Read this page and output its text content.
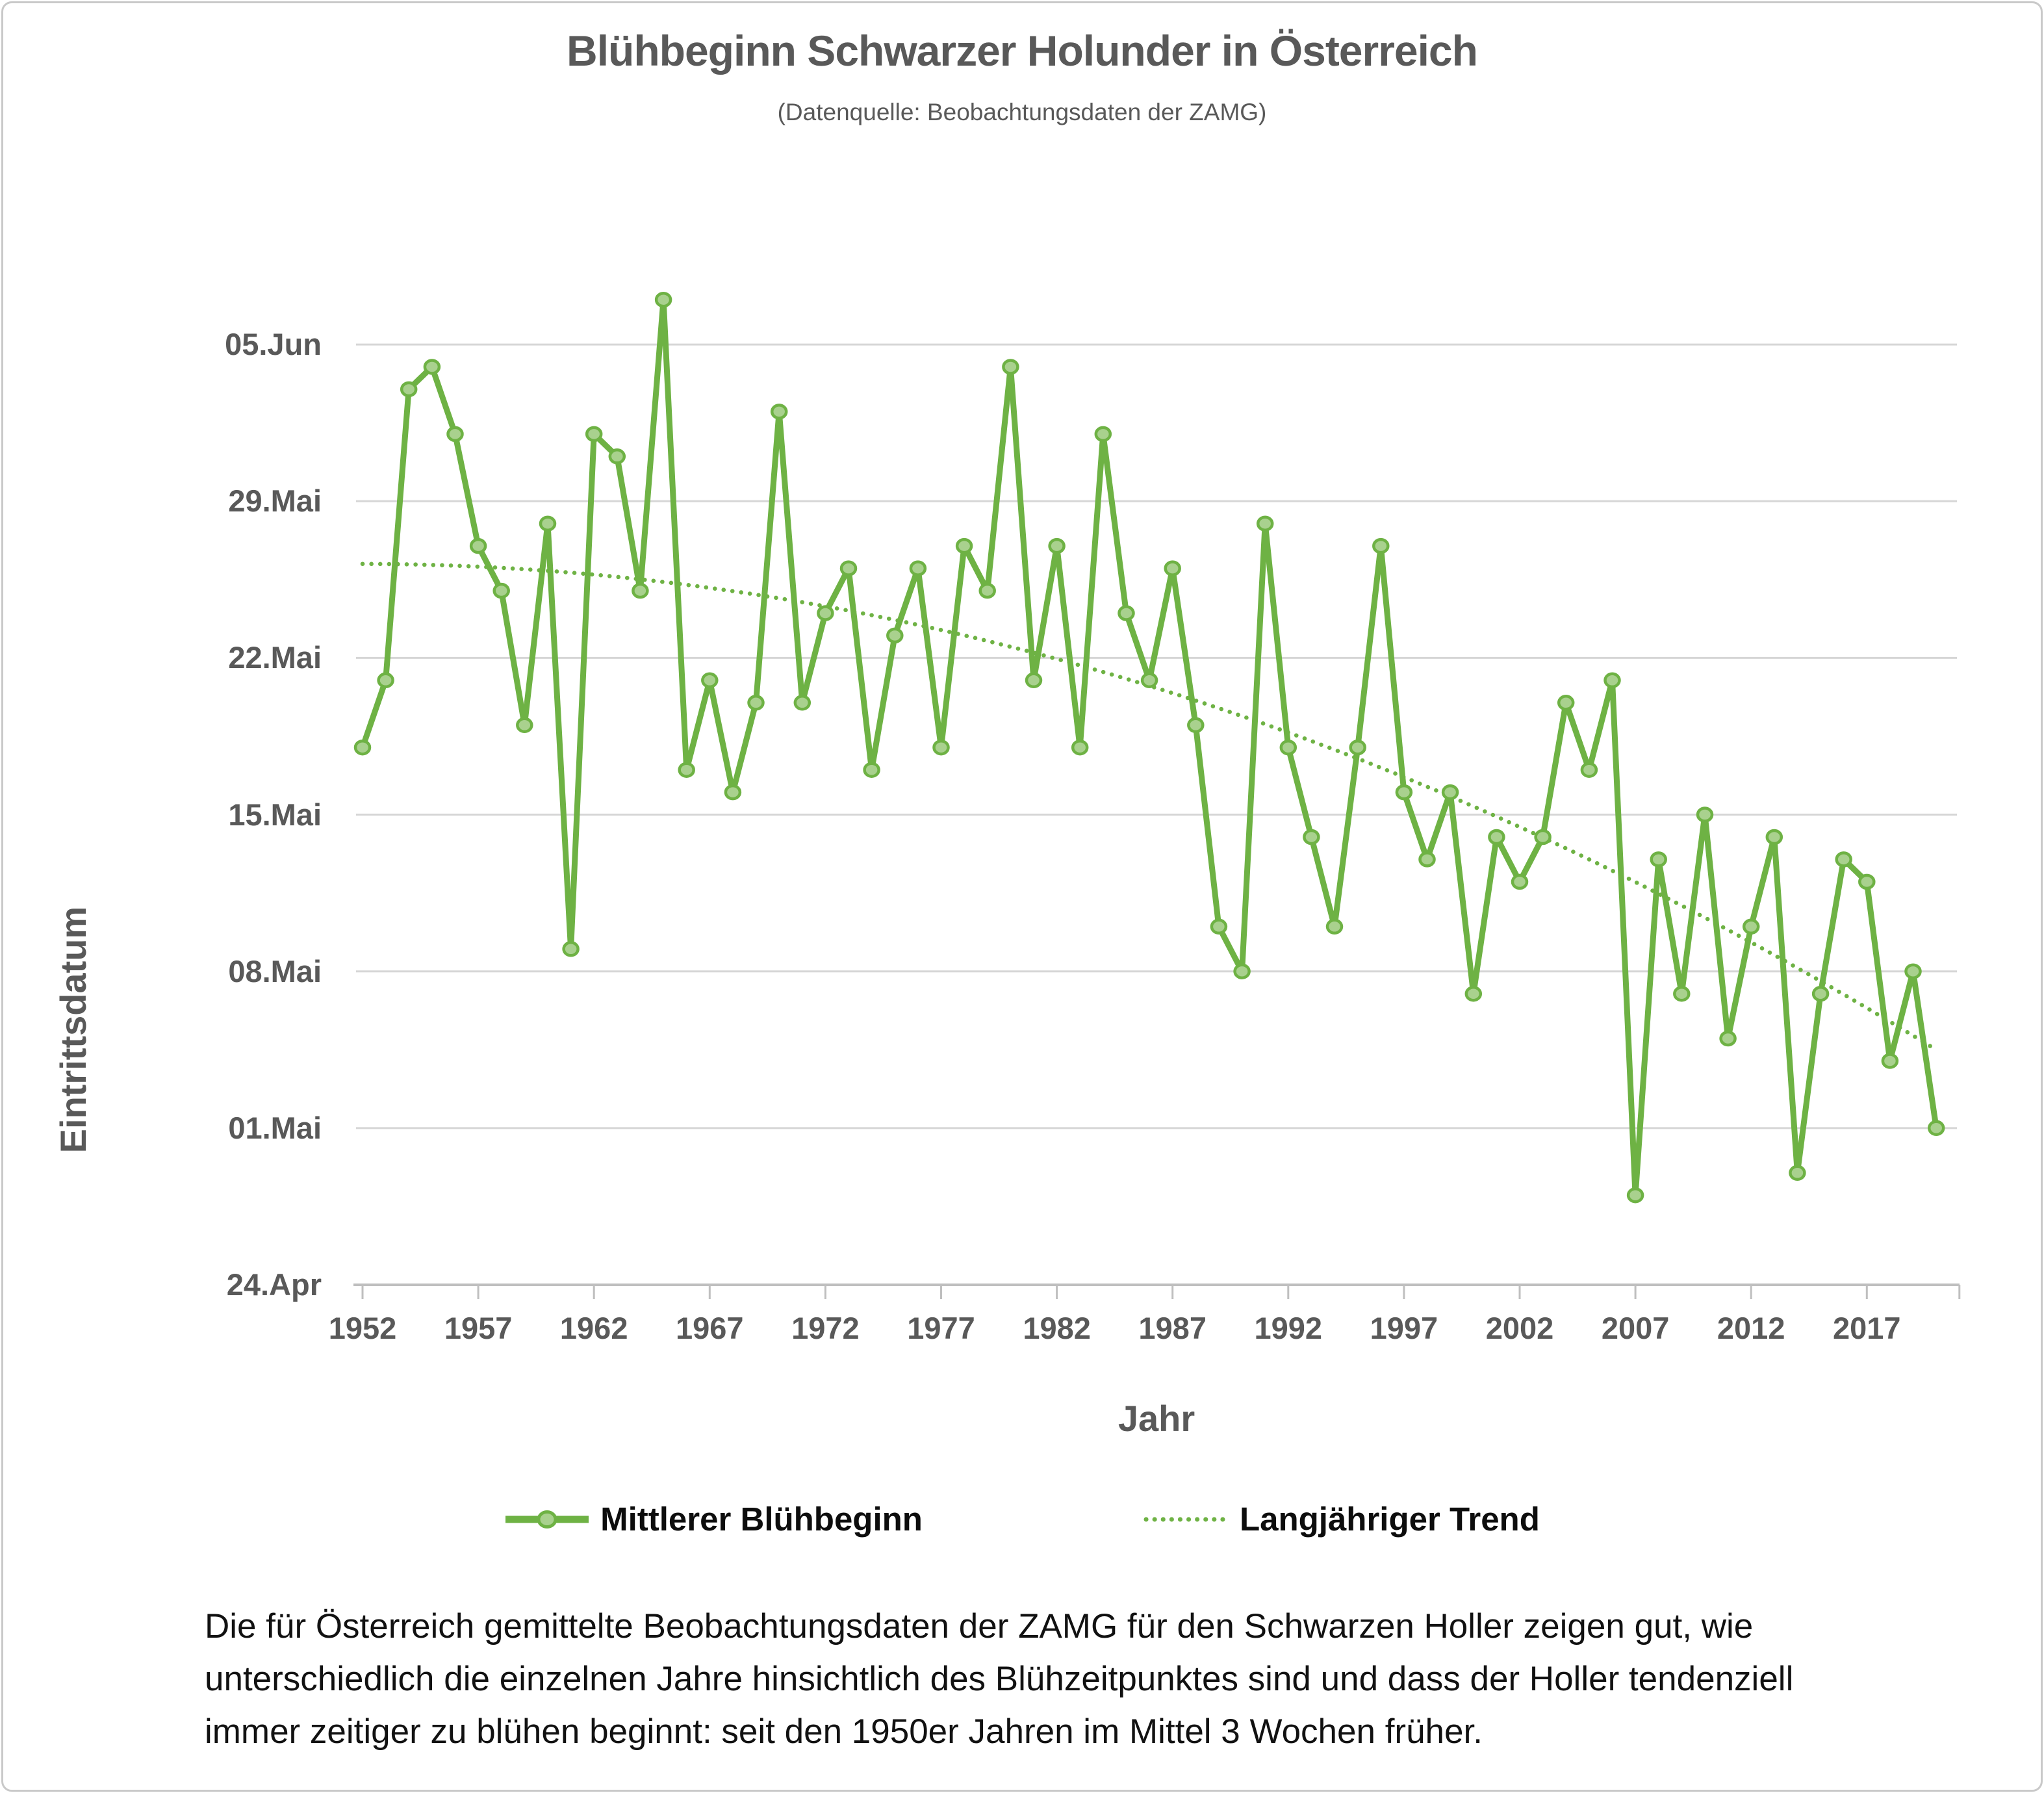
Blühbeginn Schwarzer Holunder in Österreich
(Datenquelle: Beobachtungsdaten der ZAMG)
Eintrittsdatum
Jahr
05.Jun
29.Mai
22.Mai
15.Mai
08.Mai
01.Mai
24.Apr
1952	1957	1962	1967	1972	1977	1982	1987	1992	1997	2002	2007	2012	2017
Mittlerer Blühbeginn	Langjähriger Trend
Die für Österreich gemittelte Beobachtungsdaten der ZAMG für den Schwarzen Holler zeigen gut, wie
unterschiedlich die einzelnen Jahre hinsichtlich des Blühzeitpunktes sind und dass der Holler tendenziell
immer zeitiger zu blühen beginnt: seit den 1950er Jahren im Mittel 3 Wochen früher.
